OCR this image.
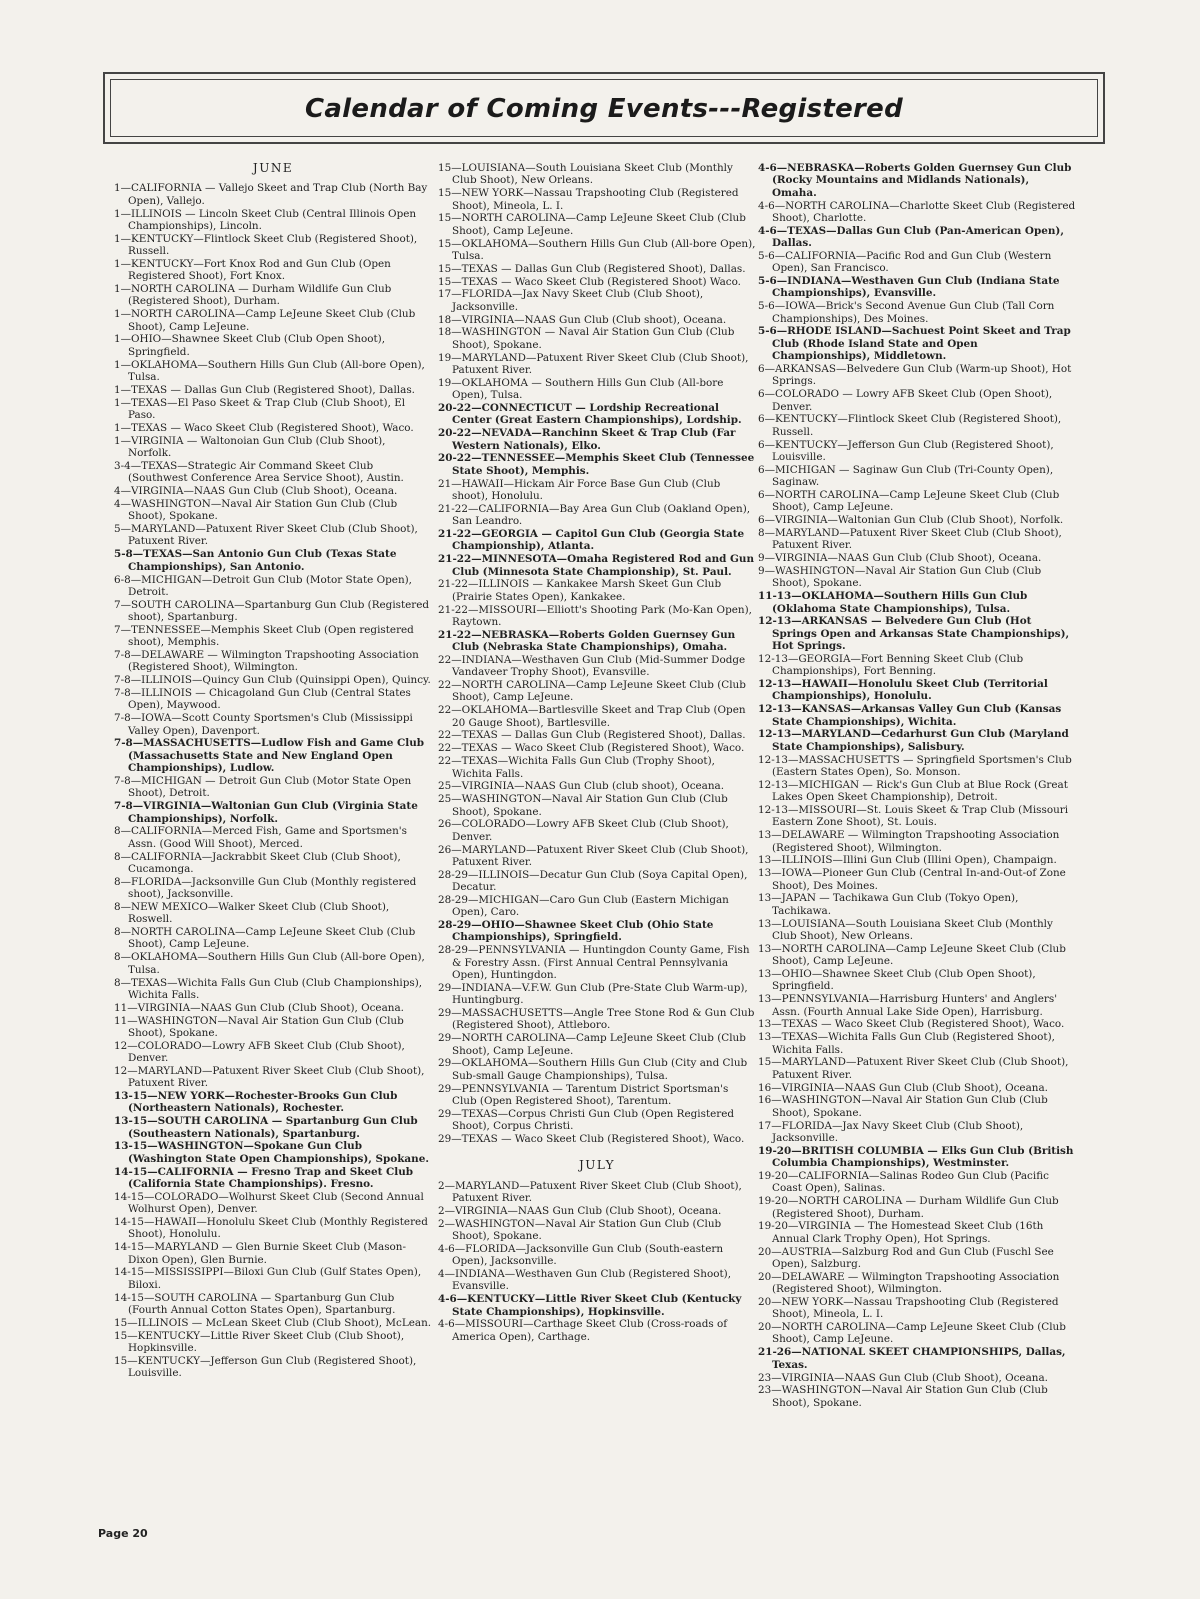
Calendar of Coming Events---Registered
JUNE
1—CALIFORNIA — Vallejo Skeet and Trap Club (North Bay Open), Vallejo.
1—ILLINOIS — Lincoln Skeet Club (Central Illinois Open Championships), Lincoln.
1—KENTUCKY—Flintlock Skeet Club (Registered Shoot), Russell.
1—KENTUCKY—Fort Knox Rod and Gun Club (Open Registered Shoot), Fort Knox.
1—NORTH CAROLINA — Durham Wildlife Gun Club (Registered Shoot), Durham.
1—NORTH CAROLINA—Camp LeJeune Skeet Club (Club Shoot), Camp LeJeune.
1—OHIO—Shawnee Skeet Club (Club Open Shoot), Springfield.
1—OKLAHOMA—Southern Hills Gun Club (All-bore Open), Tulsa.
1—TEXAS — Dallas Gun Club (Registered Shoot), Dallas.
1—TEXAS—El Paso Skeet & Trap Club (Club Shoot), El Paso.
1—TEXAS — Waco Skeet Club (Registered Shoot), Waco.
1—VIRGINIA — Waltonoian Gun Club (Club Shoot), Norfolk.
3-4—TEXAS—Strategic Air Command Skeet Club (Southwest Conference Area Service Shoot), Austin.
4—VIRGINIA—NAAS Gun Club (Club Shoot), Oceana.
4—WASHINGTON—Naval Air Station Gun Club (Club Shoot), Spokane.
5—MARYLAND—Patuxent River Skeet Club (Club Shoot), Patuxent River.
5-8—TEXAS—San Antonio Gun Club (Texas State Championships), San Antonio.
6-8—MICHIGAN—Detroit Gun Club (Motor State Open), Detroit.
7—SOUTH CAROLINA—Spartanburg Gun Club (Registered shoot), Spartanburg.
7—TENNESSEE—Memphis Skeet Club (Open registered shoot), Memphis.
7-8—DELAWARE — Wilmington Trapshooting Association (Registered Shoot), Wilmington.
7-8—ILLINOIS—Quincy Gun Club (Quinsippi Open), Quincy.
7-8—ILLINOIS — Chicagoland Gun Club (Central States Open), Maywood.
7-8—IOWA—Scott County Sportsmen's Club (Mississippi Valley Open), Davenport.
7-8—MASSACHUSETTS—Ludlow Fish and Game Club (Massachusetts State and New England Open Championships), Ludlow.
7-8—MICHIGAN — Detroit Gun Club (Motor State Open Shoot), Detroit.
7-8—VIRGINIA—Waltonian Gun Club (Virginia State Championships), Norfolk.
8—CALIFORNIA—Merced Fish, Game and Sportsmen's Assn. (Good Will Shoot), Merced.
8—CALIFORNIA—Jackrabbit Skeet Club (Club Shoot), Cucamonga.
8—FLORIDA—Jacksonville Gun Club (Monthly registered shoot), Jacksonville.
8—NEW MEXICO—Walker Skeet Club (Club Shoot), Roswell.
8—NORTH CAROLINA—Camp LeJeune Skeet Club (Club Shoot), Camp LeJeune.
8—OKLAHOMA—Southern Hills Gun Club (All-bore Open), Tulsa.
8—TEXAS—Wichita Falls Gun Club (Club Championships), Wichita Falls.
11—VIRGINIA—NAAS Gun Club (Club Shoot), Oceana.
11—WASHINGTON—Naval Air Station Gun Club (Club Shoot), Spokane.
12—COLORADO—Lowry AFB Skeet Club (Club Shoot), Denver.
12—MARYLAND—Patuxent River Skeet Club (Club Shoot), Patuxent River.
13-15—NEW YORK—Rochester-Brooks Gun Club (Northeastern Nationals), Rochester.
13-15—SOUTH CAROLINA — Spartanburg Gun Club (Southeastern Nationals), Spartanburg.
13-15—WASHINGTON—Spokane Gun Club (Washington State Open Championships), Spokane.
14-15—CALIFORNIA — Fresno Trap and Skeet Club (California State Championships). Fresno.
14-15—COLORADO—Wolhurst Skeet Club (Second Annual Wolhurst Open), Denver.
14-15—HAWAII—Honolulu Skeet Club (Monthly Registered Shoot), Honolulu.
14-15—MARYLAND — Glen Burnie Skeet Club (Mason-Dixon Open), Glen Burnie.
14-15—MISSISSIPPI—Biloxi Gun Club (Gulf States Open), Biloxi.
14-15—SOUTH CAROLINA — Spartanburg Gun Club (Fourth Annual Cotton States Open), Spartanburg.
15—ILLINOIS — McLean Skeet Club (Club Shoot), McLean.
15—KENTUCKY—Little River Skeet Club (Club Shoot), Hopkinsville.
15—KENTUCKY—Jefferson Gun Club (Registered Shoot), Louisville.
15—LOUISIANA—South Louisiana Skeet Club (Monthly Club Shoot), New Orleans.
15—NEW YORK—Nassau Trapshooting Club (Registered Shoot), Mineola, L. I.
15—NORTH CAROLINA—Camp LeJeune Skeet Club (Club Shoot), Camp LeJeune.
15—OKLAHOMA—Southern Hills Gun Club (All-bore Open), Tulsa.
15—TEXAS — Dallas Gun Club (Registered Shoot), Dallas.
15—TEXAS — Waco Skeet Club (Registered Shoot) Waco.
17—FLORIDA—Jax Navy Skeet Club (Club Shoot), Jacksonville.
18—VIRGINIA—NAAS Gun Club (Club shoot), Oceana.
18—WASHINGTON — Naval Air Station Gun Club (Club Shoot), Spokane.
19—MARYLAND—Patuxent River Skeet Club (Club Shoot), Patuxent River.
19—OKLAHOMA — Southern Hills Gun Club (All-bore Open), Tulsa.
20-22—CONNECTICUT — Lordship Recreational Center (Great Eastern Championships), Lordship.
20-22—NEVADA—Ranchinn Skeet & Trap Club (Far Western Nationals), Elko.
20-22—TENNESSEE—Memphis Skeet Club (Tennessee State Shoot), Memphis.
21—HAWAII—Hickam Air Force Base Gun Club (Club shoot), Honolulu.
21-22—CALIFORNIA—Bay Area Gun Club (Oakland Open), San Leandro.
21-22—GEORGIA — Capitol Gun Club (Georgia State Championship), Atlanta.
21-22—MINNESOTA—Omaha Registered Rod and Gun Club (Minnesota State Championship), St. Paul.
21-22—ILLINOIS — Kankakee Marsh Skeet Gun Club (Prairie States Open), Kankakee.
21-22—MISSOURI—Elliott's Shooting Park (Mo-Kan Open), Raytown.
21-22—NEBRASKA—Roberts Golden Guernsey Gun Club (Nebraska State Championships), Omaha.
22—INDIANA—Westhaven Gun Club (Mid-Summer Dodge Vandaveer Trophy Shoot), Evansville.
22—NORTH CAROLINA—Camp LeJeune Skeet Club (Club Shoot), Camp LeJeune.
22—OKLAHOMA—Bartlesville Skeet and Trap Club (Open 20 Gauge Shoot), Bartlesville.
22—TEXAS — Dallas Gun Club (Registered Shoot), Dallas.
22—TEXAS — Waco Skeet Club (Registered Shoot), Waco.
22—TEXAS—Wichita Falls Gun Club (Trophy Shoot), Wichita Falls.
25—VIRGINIA—NAAS Gun Club (club shoot), Oceana.
25—WASHINGTON—Naval Air Station Gun Club (Club Shoot), Spokane.
26—COLORADO—Lowry AFB Skeet Club (Club Shoot), Denver.
26—MARYLAND—Patuxent River Skeet Club (Club Shoot), Patuxent River.
28-29—ILLINOIS—Decatur Gun Club (Soya Capital Open), Decatur.
28-29—MICHIGAN—Caro Gun Club (Eastern Michigan Open), Caro.
28-29—OHIO—Shawnee Skeet Club (Ohio State Championships), Springfield.
28-29—PENNSYLVANIA — Huntingdon County Game, Fish & Forestry Assn. (First Annual Central Pennsylvania Open), Huntingdon.
29—INDIANA—V.F.W. Gun Club (Pre-State Club Warm-up), Huntingburg.
29—MASSACHUSETTS—Angle Tree Stone Rod & Gun Club (Registered Shoot), Attleboro.
29—NORTH CAROLINA—Camp LeJeune Skeet Club (Club Shoot), Camp LeJeune.
29—OKLAHOMA—Southern Hills Gun Club (City and Club Sub-small Gauge Championships), Tulsa.
29—PENNSYLVANIA — Tarentum District Sportsman's Club (Open Registered Shoot), Tarentum.
29—TEXAS—Corpus Christi Gun Club (Open Registered Shoot), Corpus Christi.
29—TEXAS — Waco Skeet Club (Registered Shoot), Waco.
JULY
2—MARYLAND—Patuxent River Skeet Club (Club Shoot), Patuxent River.
2—VIRGINIA—NAAS Gun Club (Club Shoot), Oceana.
2—WASHINGTON—Naval Air Station Gun Club (Club Shoot), Spokane.
4-6—FLORIDA—Jacksonville Gun Club (South-eastern Open), Jacksonville.
4—INDIANA—Westhaven Gun Club (Registered Shoot), Evansville.
4-6—KENTUCKY—Little River Skeet Club (Kentucky State Championships), Hopkinsville.
4-6—MISSOURI—Carthage Skeet Club (Cross-roads of America Open), Carthage.
4-6—NEBRASKA—Roberts Golden Guernsey Gun Club (Rocky Mountains and Midlands Nationals), Omaha.
4-6—NORTH CAROLINA—Charlotte Skeet Club (Registered Shoot), Charlotte.
4-6—TEXAS—Dallas Gun Club (Pan-American Open), Dallas.
5-6—CALIFORNIA—Pacific Rod and Gun Club (Western Open), San Francisco.
5-6—INDIANA—Westhaven Gun Club (Indiana State Championships), Evansville.
5-6—IOWA—Brick's Second Avenue Gun Club (Tall Corn Championships), Des Moines.
5-6—RHODE ISLAND—Sachuest Point Skeet and Trap Club (Rhode Island State and Open Championships), Middletown.
6—ARKANSAS—Belvedere Gun Club (Warm-up Shoot), Hot Springs.
6—COLORADO — Lowry AFB Skeet Club (Open Shoot), Denver.
6—KENTUCKY—Flintlock Skeet Club (Registered Shoot), Russell.
6—KENTUCKY—Jefferson Gun Club (Registered Shoot), Louisville.
6—MICHIGAN — Saginaw Gun Club (Tri-County Open), Saginaw.
6—NORTH CAROLINA—Camp LeJeune Skeet Club (Club Shoot), Camp LeJeune.
6—VIRGINIA—Waltonian Gun Club (Club Shoot), Norfolk.
8—MARYLAND—Patuxent River Skeet Club (Club Shoot), Patuxent River.
9—VIRGINIA—NAAS Gun Club (Club Shoot), Oceana.
9—WASHINGTON—Naval Air Station Gun Club (Club Shoot), Spokane.
11-13—OKLAHOMA—Southern Hills Gun Club (Oklahoma State Championships), Tulsa.
12-13—ARKANSAS — Belvedere Gun Club (Hot Springs Open and Arkansas State Championships), Hot Springs.
12-13—GEORGIA—Fort Benning Skeet Club (Club Championships), Fort Benning.
12-13—HAWAII—Honolulu Skeet Club (Territorial Championships), Honolulu.
12-13—KANSAS—Arkansas Valley Gun Club (Kansas State Championships), Wichita.
12-13—MARYLAND—Cedarhurst Gun Club (Maryland State Championships), Salisbury.
12-13—MASSACHUSETTS — Springfield Sportsmen's Club (Eastern States Open), So. Monson.
12-13—MICHIGAN — Rick's Gun Club at Blue Rock (Great Lakes Open Skeet Championship), Detroit.
12-13—MISSOURI—St. Louis Skeet & Trap Club (Missouri Eastern Zone Shoot), St. Louis.
13—DELAWARE — Wilmington Trapshooting Association (Registered Shoot), Wilmington.
13—ILLINOIS—Illini Gun Club (Illini Open), Champaign.
13—IOWA—Pioneer Gun Club (Central In-and-Out-of Zone Shoot), Des Moines.
13—JAPAN — Tachikawa Gun Club (Tokyo Open), Tachikawa.
13—LOUISIANA—South Louisiana Skeet Club (Monthly Club Shoot), New Orleans.
13—NORTH CAROLINA—Camp LeJeune Skeet Club (Club Shoot), Camp LeJeune.
13—OHIO—Shawnee Skeet Club (Club Open Shoot), Springfield.
13—PENNSYLVANIA—Harrisburg Hunters' and Anglers' Assn. (Fourth Annual Lake Side Open), Harrisburg.
13—TEXAS — Waco Skeet Club (Registered Shoot), Waco.
13—TEXAS—Wichita Falls Gun Club (Registered Shoot), Wichita Falls.
15—MARYLAND—Patuxent River Skeet Club (Club Shoot), Patuxent River.
16—VIRGINIA—NAAS Gun Club (Club Shoot), Oceana.
16—WASHINGTON—Naval Air Station Gun Club (Club Shoot), Spokane.
17—FLORIDA—Jax Navy Skeet Club (Club Shoot), Jacksonville.
19-20—BRITISH COLUMBIA — Elks Gun Club (British Columbia Championships), Westminster.
19-20—CALIFORNIA—Salinas Rodeo Gun Club (Pacific Coast Open), Salinas.
19-20—NORTH CAROLINA — Durham Wildlife Gun Club (Registered Shoot), Durham.
19-20—VIRGINIA — The Homestead Skeet Club (16th Annual Clark Trophy Open), Hot Springs.
20—AUSTRIA—Salzburg Rod and Gun Club (Fuschl See Open), Salzburg.
20—DELAWARE — Wilmington Trapshooting Association (Registered Shoot), Wilmington.
20—NEW YORK—Nassau Trapshooting Club (Registered Shoot), Mineola, L. I.
20—NORTH CAROLINA—Camp LeJeune Skeet Club (Club Shoot), Camp LeJeune.
21-26—NATIONAL SKEET CHAMPIONSHIPS, Dallas, Texas.
23—VIRGINIA—NAAS Gun Club (Club Shoot), Oceana.
23—WASHINGTON—Naval Air Station Gun Club (Club Shoot), Spokane.
Page 20
